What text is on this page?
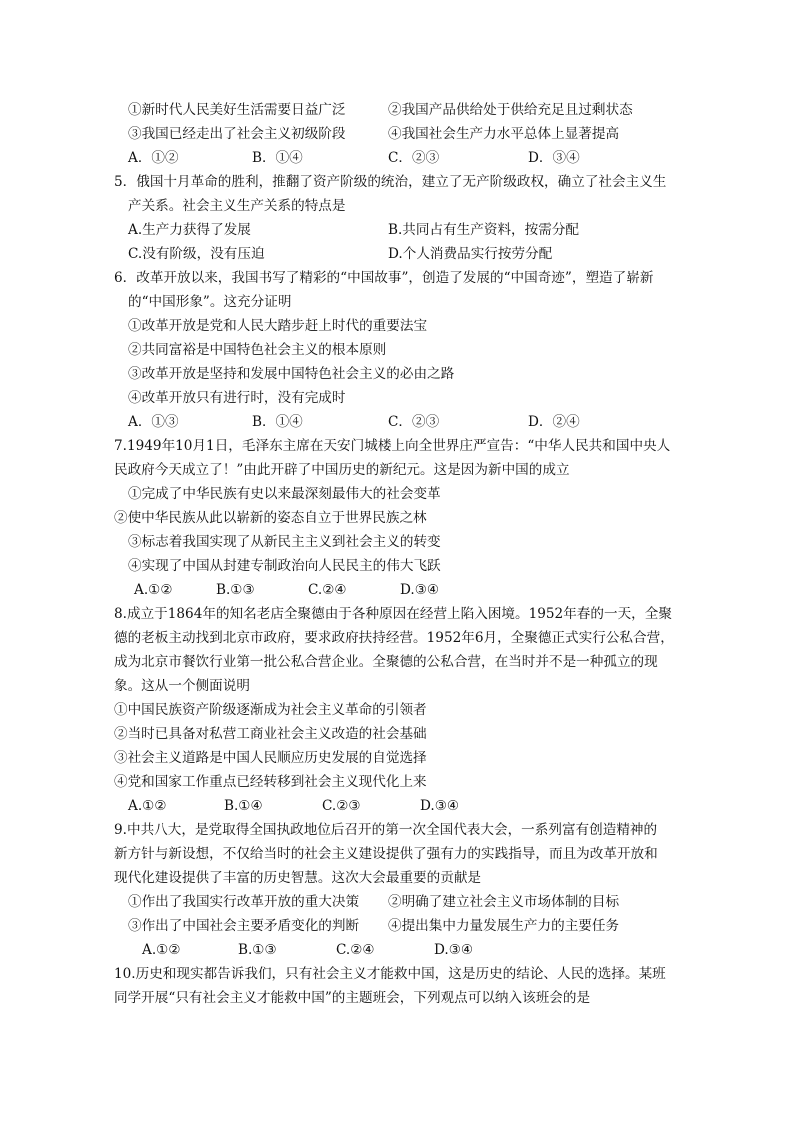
①新时代人民美好生活需要日益广泛	②我国产品供给处于供给充足且过剩状态
③我国已经走出了社会主义初级阶段	④我国社会生产力水平总体上显著提高
A．①②	B．①④	C．②③	D．③④
5．俄国十月革命的胜利，推翻了资产阶级的统治，建立了无产阶级政权，确立了社会主义生
产关系。社会主义生产关系的特点是
A.生产力获得了发展	B.共同占有生产资料，按需分配
C.没有阶级，没有压迫	D.个人消费品实行按劳分配
6．改革开放以来，我国书写了精彩的“中国故事”，创造了发展的“中国奇迹”，塑造了崭新
的“中国形象”。这充分证明
①改革开放是党和人民大踏步赶上时代的重要法宝
②共同富裕是中国特色社会主义的根本原则
③改革开放是坚持和发展中国特色社会主义的必由之路
④改革开放只有进行时，没有完成时
A．①③	B．①④	C．②③	D．②④
7.1949年10月1日，毛泽东主席在天安门城楼上向全世界庄严宣告：“中华人民共和国中央人
民政府今天成立了！”由此开辟了中国历史的新纪元。这是因为新中国的成立
①完成了中华民族有史以来最深刻最伟大的社会变革
②使中华民族从此以崭新的姿态自立于世界民族之林
③标志着我国实现了从新民主主义到社会主义的转变
④实现了中国从封建专制政治向人民民主的伟大飞跃
A.①②	B.①③	C.②④	D.③④
8.成立于1864年的知名老店全聚德由于各种原因在经营上陷入困境。1952年春的一天，全聚
德的老板主动找到北京市政府，要求政府扶持经营。1952年6月，全聚德正式实行公私合营，
成为北京市餐饮行业第一批公私合营企业。全聚德的公私合营，在当时并不是一种孤立的现
象。这从一个侧面说明
①中国民族资产阶级逐渐成为社会主义革命的引领者
②当时已具备对私营工商业社会主义改造的社会基础
③社会主义道路是中国人民顺应历史发展的自觉选择
④党和国家工作重点已经转移到社会主义现代化上来
A.①②	B.①④	C.②③	D.③④
9.中共八大，是党取得全国执政地位后召开的第一次全国代表大会，一系列富有创造精神的
新方针与新设想，不仅给当时的社会主义建设提供了强有力的实践指导，而且为改革开放和
现代化建设提供了丰富的历史智慧。这次大会最重要的贡献是
①作出了我国实行改革开放的重大决策 ②明确了建立社会主义市场体制的目标
③作出了中国社会主要矛盾变化的判断 ④提出集中力量发展生产力的主要任务
A.①②	B.①③	C.②④	D.③④
10.历史和现实都告诉我们，只有社会主义才能救中国，这是历史的结论、人民的选择。某班
同学开展“只有社会主义才能救中国”的主题班会，下列观点可以纳入该班会的是
